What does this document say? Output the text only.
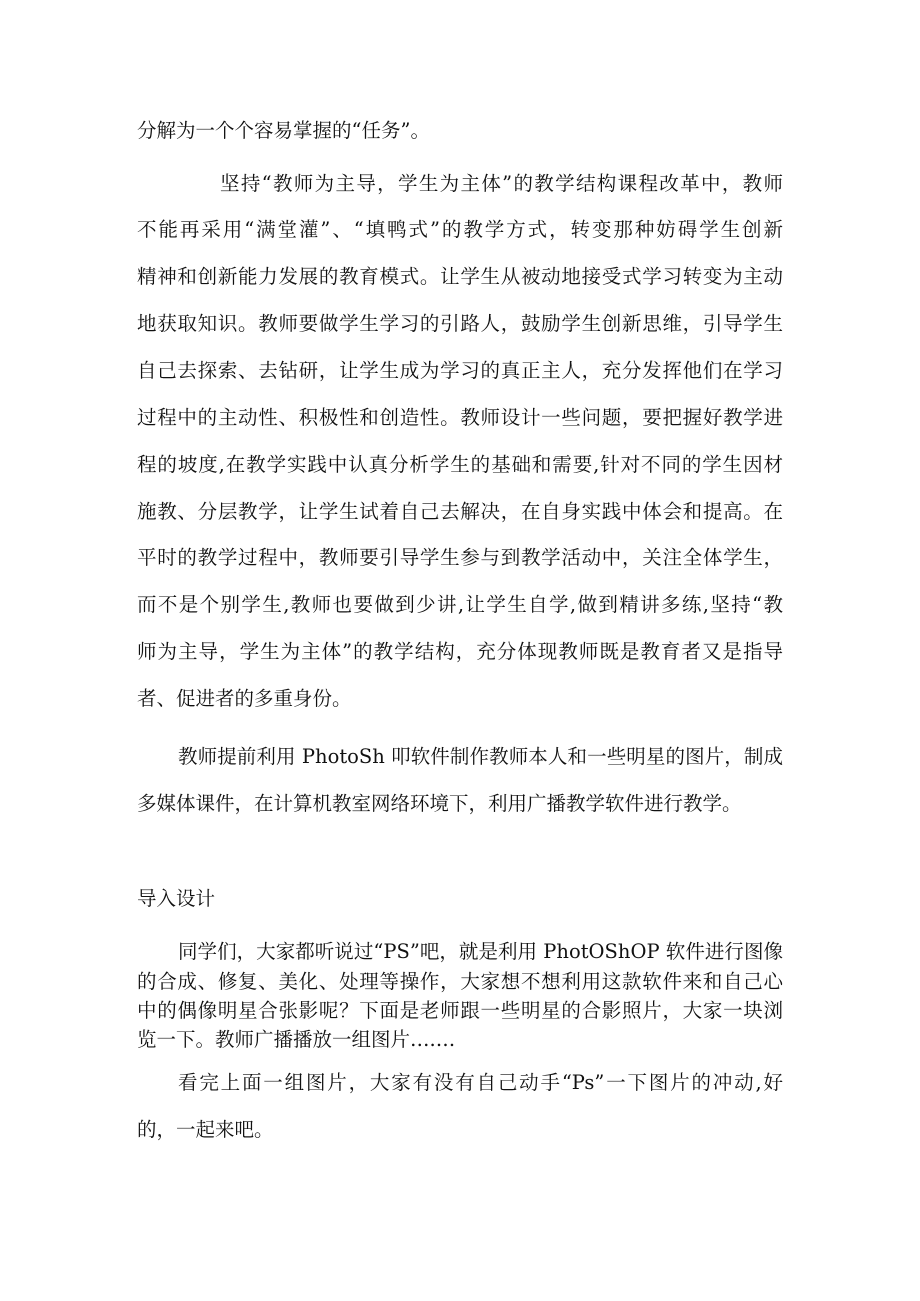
分解为一个个容易掌握的“任务”。
坚持“教师为主导，学生为主体”的教学结构课程改革中，教师
不能再采用“满堂灌”、“填鸭式”的教学方式，转变那种妨碍学生创新
精神和创新能力发展的教育模式。让学生从被动地接受式学习转变为主动
地获取知识。教师要做学生学习的引路人，鼓励学生创新思维，引导学生
自己去探索、去钻研，让学生成为学习的真正主人，充分发挥他们在学习
过程中的主动性、积极性和创造性。教师设计一些问题，要把握好教学进
程的坡度,在教学实践中认真分析学生的基础和需要,针对不同的学生因材
施教、分层教学，让学生试着自己去解决，在自身实践中体会和提高。在
平时的教学过程中，教师要引导学生参与到教学活动中，关注全体学生，
而不是个别学生,教师也要做到少讲,让学生自学,做到精讲多练,坚持“教
师为主导，学生为主体”的教学结构，充分体现教师既是教育者又是指导
者、促进者的多重身份。
教师提前利用 PhotoSh 叩软件制作教师本人和一些明星的图片，制成
多媒体课件，在计算机教室网络环境下，利用广播教学软件进行教学。
导入设计
同学们，大家都听说过“PS”吧，就是利用 PhotOShOP 软件进行图像
的合成、修复、美化、处理等操作，大家想不想利用这款软件来和自己心
中的偶像明星合张影呢？下面是老师跟一些明星的合影照片，大家一块浏
览一下。教师广播播放一组图片….…
看完上面一组图片，大家有没有自己动手“Ps”一下图片的冲动,好
的，一起来吧。
